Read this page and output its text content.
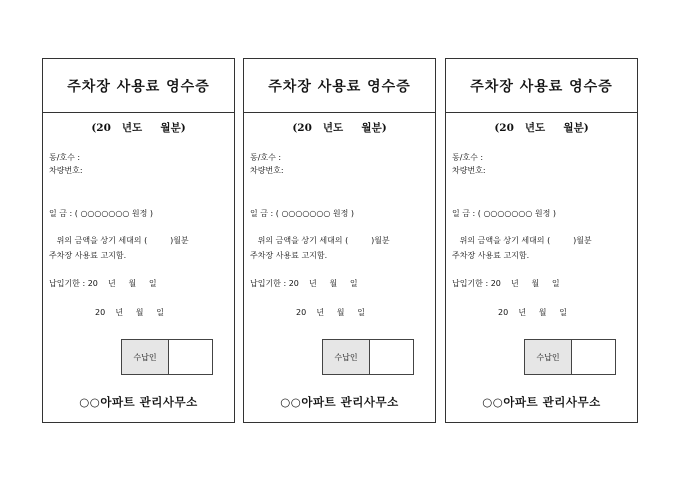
주차장 사용료 영수증
(20   년도     월분)
동/호수 :
차량번호:
일 금 : ( ○○○○○○○ 원정 )
위의 금액을 상기 세대의 (         )월분
주차장 사용료 고지함.
납입기한 : 20    년     월     일
20    년     월     일
수납인
○○아파트 관리사무소
주차장 사용료 영수증
(20   년도     월분)
동/호수 :
차량번호:
일 금 : ( ○○○○○○○ 원정 )
위의 금액을 상기 세대의 (         )월분
주차장 사용료 고지함.
납입기한 : 20    년     월     일
20    년     월     일
수납인
○○아파트 관리사무소
주차장 사용료 영수증
(20   년도     월분)
동/호수 :
차량번호:
일 금 : ( ○○○○○○○ 원정 )
위의 금액을 상기 세대의 (         )월분
주차장 사용료 고지함.
납입기한 : 20    년     월     일
20    년     월     일
수납인
○○아파트 관리사무소
